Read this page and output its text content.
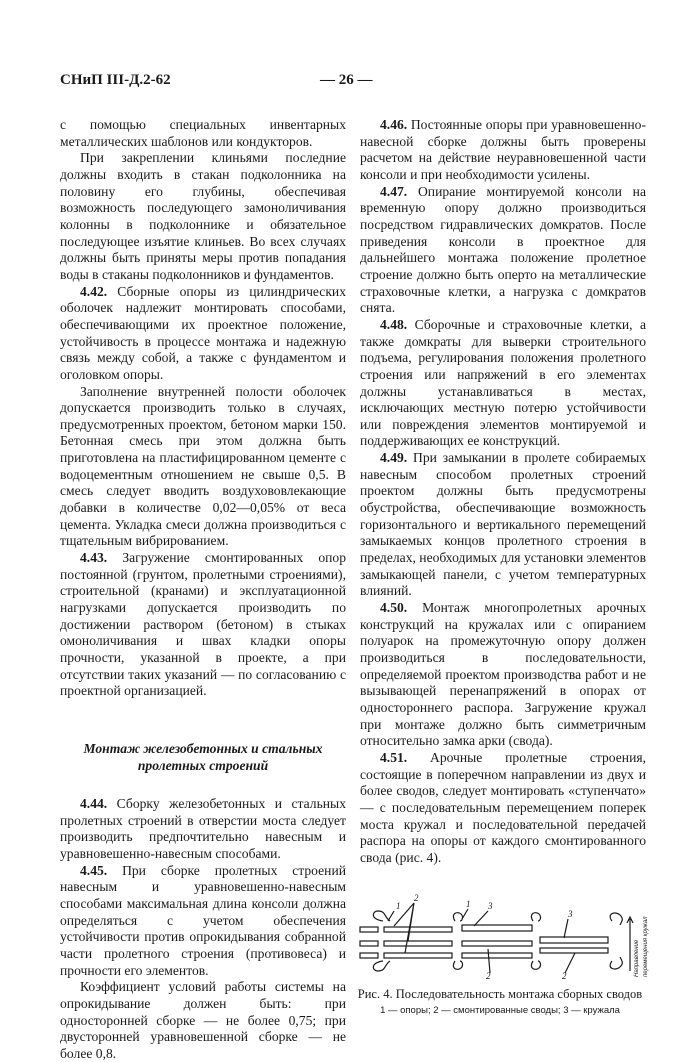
СНиП III-Д.2-62	— 26 —

с помощью специальных инвентарных металлических шаблонов или кондукторов.

При закреплении клиньями последние должны входить в стакан подколонника на половину его глубины, обеспечивая возможность последующего замоноличивания колонны в подколоннике и обязательное последующее изъятие клиньев. Во всех случаях должны быть приняты меры против попадания воды в стаканы подколонников и фундаментов.

4.42. Сборные опоры из цилиндрических оболочек надлежит монтировать способами, обеспечивающими их проектное положение, устойчивость в процессе монтажа и надежную связь между собой, а также с фундаментом и оголовком опоры.

Заполнение внутренней полости оболочек допускается производить только в случаях, предусмотренных проектом, бетоном марки 150. Бетонная смесь при этом должна быть приготовлена на пластифицированном цементе с водоцементным отношением не свыше 0,5. В смесь следует вводить воздухововлекающие добавки в количестве 0,02—0,05% от веса цемента. Укладка смеси должна производиться с тщательным вибрированием.

4.43. Загружение смонтированных опор постоянной (грунтом, пролетными строениями), строительной (кранами) и эксплуатационной нагрузками допускается производить по достижении раствором (бетоном) в стыках омоноличивания и швах кладки опоры прочности, указанной в проекте, а при отсутствии таких указаний — по согласованию с проектной организацией.

Монтаж железобетонных и стальных
пролетных строений

4.44. Сборку железобетонных и стальных пролетных строений в отверстии моста следует производить предпочтительно навесным и уравновешенно-навесным способами.

4.45. При сборке пролетных строений навесным и уравновешенно-навесным способами максимальная длина консоли должна определяться с учетом обеспечения устойчивости против опрокидывания собранной части пролетного строения (противовеса) и прочности его элементов.

Коэффициент условий работы системы на опрокидывание должен быть: при односторонней сборке — не более 0,75; при двусторонней уравновешенной сборке — не более 0,8.

4.46. Постоянные опоры при уравновешенно-навесной сборке должны быть проверены расчетом на действие неуравновешенной части консоли и при необходимости усилены.

4.47. Опирание монтируемой консоли на временную опору должно производиться посредством гидравлических домкратов. После приведения консоли в проектное для дальнейшего монтажа положение пролетное строение должно быть оперто на металлические страховочные клетки, а нагрузка с домкратов снята.

4.48. Сборочные и страховочные клетки, а также домкраты для выверки строительного подъема, регулирования положения пролетного строения или напряжений в его элементах должны устанавливаться в местах, исключающих местную потерю устойчивости или повреждения элементов монтируемой и поддерживающих ее конструкций.

4.49. При замыкании в пролете собираемых навесным способом пролетных строений проектом должны быть предусмотрены обустройства, обеспечивающие возможность горизонтального и вертикального перемещений замыкаемых концов пролетного строения в пределах, необходимых для установки элементов замыкающей панели, с учетом температурных влияний.

4.50. Монтаж многопролетных арочных конструкций на кружалах или с опиранием полуарок на промежуточную опору должен производиться в последовательности, определяемой проектом производства работ и не вызывающей перенапряжений в опорах от одностороннего распора. Загружение кружал при монтаже должно быть симметричным относительно замка арки (свода).

4.51. Арочные пролетные строения, состоящие в поперечном направлении из двух и более сводов, следует монтировать «ступенчато» — с последовательным перемещением поперек моста кружал и последовательной передачей распора на опоры от каждого смонтированного свода (рис. 4).

1
2
1 3
2
3
2	Направление перемещения кружал
Рис. 4. Последовательность монтажа сборных сводов
1 — опоры; 2 — смонтированные своды; 3 — кружала
